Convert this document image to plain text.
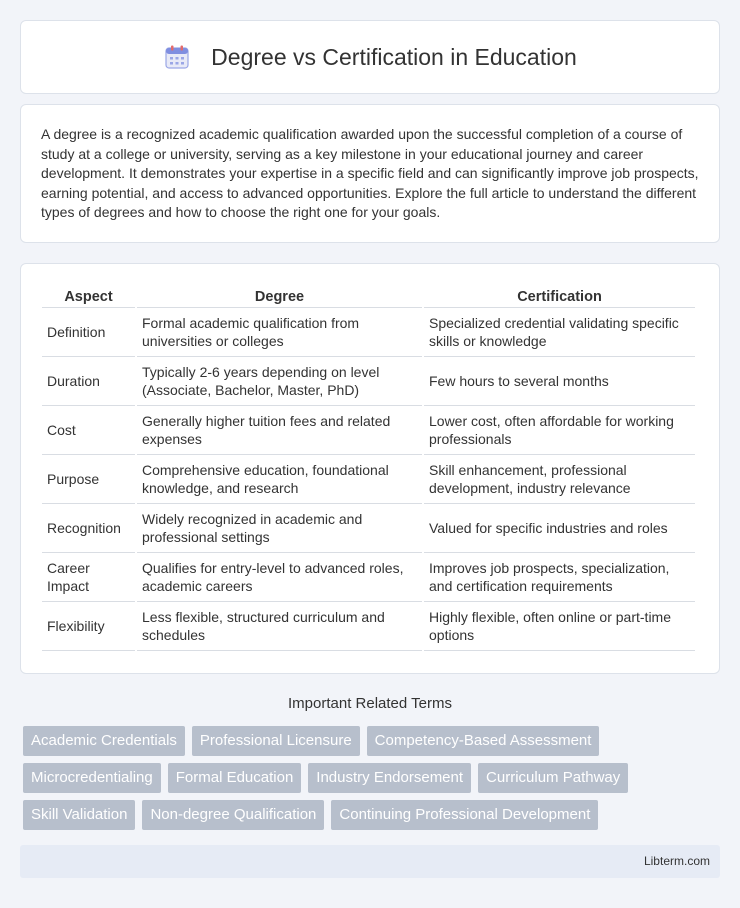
Degree vs Certification in Education

A degree is a recognized academic qualification awarded upon the successful completion of a course of study at a college or university, serving as a key milestone in your educational journey and career development. It demonstrates your expertise in a specific field and can significantly improve job prospects, earning potential, and access to advanced opportunities. Explore the full article to understand the different types of degrees and how to choose the right one for your goals.

Aspect	Degree	Certification
Definition	Formal academic qualification from universities or colleges	Specialized credential validating specific skills or knowledge
Duration	Typically 2-6 years depending on level (Associate, Bachelor, Master, PhD)	Few hours to several months
Cost	Generally higher tuition fees and related expenses	Lower cost, often affordable for working professionals
Purpose	Comprehensive education, foundational knowledge, and research	Skill enhancement, professional development, industry relevance
Recognition	Widely recognized in academic and professional settings	Valued for specific industries and roles
Career Impact	Qualifies for entry-level to advanced roles, academic careers	Improves job prospects, specialization, and certification requirements
Flexibility	Less flexible, structured curriculum and schedules	Highly flexible, often online or part-time options
Important Related Terms
Academic Credentials	Professional Licensure	Competency-Based Assessment
Microcredentialing	Formal Education	Industry Endorsement	Curriculum Pathway
Skill Validation	Non-degree Qualification	Continuing Professional Development
Libterm.com
